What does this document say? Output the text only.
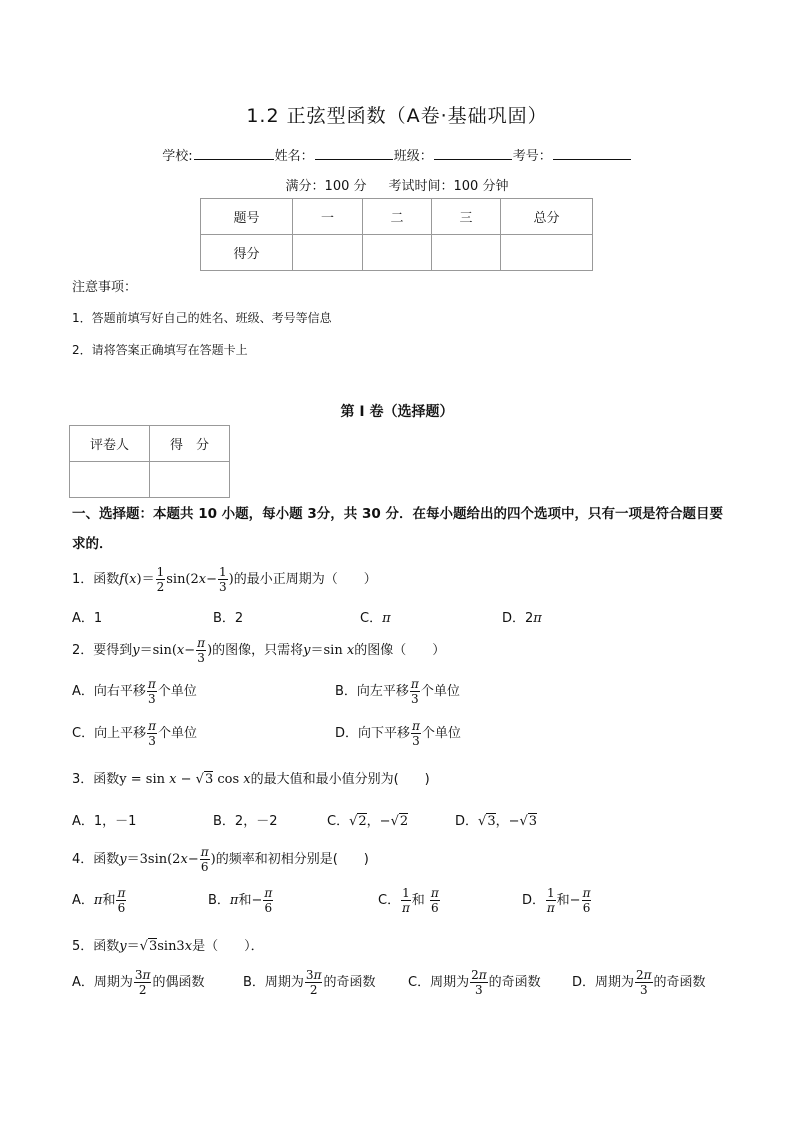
1.2 正弦型函数（A卷·基础巩固）
学校:	姓名：	班级：	考号：
满分：100 分 考试时间：100 分钟
题号	一	二	三	总分
得分				
注意事项：
1．答题前填写好自己的姓名、班级、考号等信息
2．请将答案正确填写在答题卡上
第 I 卷（选择题）
评卷人	得　分

一、选择题：本题共 10 小题，每小题 3分，共 30 分．在每小题给出的四个选项中，只有一项是符合题目要求的．
1．函数$f(x)= \frac{1}{2} \sin(2x- \frac{1}{3}$ )的最小正周期为（　　）
A．1	B．2	C．π	D．2π
2．要得到$y=\sin(x- \frac{\pi}{3}$ )的图像，只需将y＝sin x的图像（　　）
A．向右平移 $\frac{\pi}{3}$ 个单位	B．向左平移 $\frac{\pi}{3}$ 个单位
C．向上平移 $\frac{\pi}{3}$ 个单位	D．向下平移 $\frac{\pi}{3}$ 个单位
3．函数y = sin x − √3 cos x的最大值和最小值分别为(　　)
A．1，－1	B．2，－2	C．√2，−√2	D．√3，−√3
4．函数$y=3\sin(2x- \frac{\pi}{6}$ )的频率和初相分别是(　　)
A．π和 $\frac{\pi}{6}$	B．π和− $\frac{\pi}{6}$	C． $\frac{1}{\pi}$ 和 $\frac{\pi}{6}$	D． $\frac{1}{\pi}$ 和− $\frac{\pi}{6}$
5．函数y＝√3sin3x是（　　）．
A．周期为 $\frac{3\pi}{2}$ 的偶函数	B．周期为 $\frac{3\pi}{2}$ 的奇函数	C．周期为 $\frac{2\pi}{3}$ 的奇函数 D．周期为 $\frac{2\pi}{3}$ 的奇函数
